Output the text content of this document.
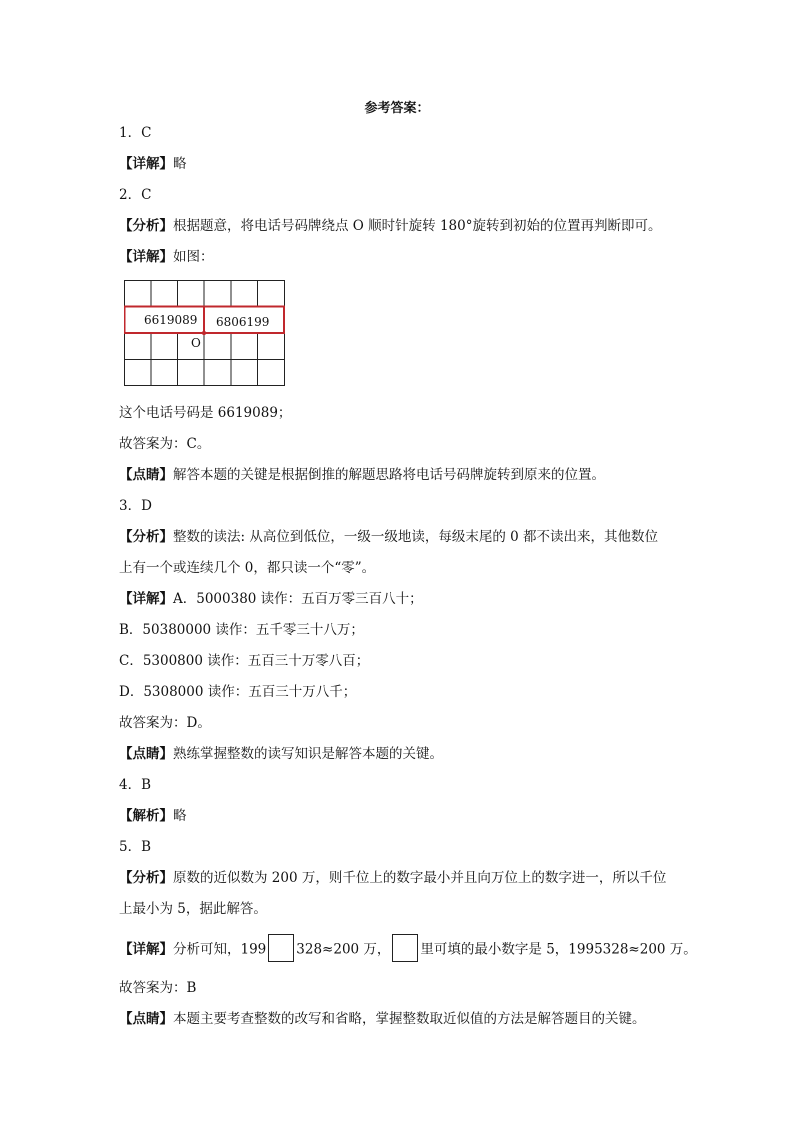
参考答案：
1．C
【详解】略
2．C
【分析】根据题意，将电话号码牌绕点 O 顺时针旋转 180°旋转到初始的位置再判断即可。
【详解】如图：
6619089 6806199
O
这个电话号码是 6619089；
故答案为：C。
【点睛】解答本题的关键是根据倒推的解题思路将电话号码牌旋转到原来的位置。
3．D
【分析】整数的读法: 从高位到低位，一级一级地读，每级末尾的 0 都不读出来，其他数位
上有一个或连续几个 0，都只读一个“零”。
【详解】A．5000380 读作：五百万零三百八十；
B．50380000 读作：五千零三十八万；
C．5300800 读作：五百三十万零八百；
D．5308000 读作：五百三十万八千；
故答案为：D。
【点睛】熟练掌握整数的读写知识是解答本题的关键。
4．B
【解析】略
5．B
【分析】原数的近似数为 200 万，则千位上的数字最小并且向万位上的数字进一，所以千位
上最小为 5，据此解答。
【详解】分析可知，199 328≈200 万， 里可填的最小数字是 5，1995328≈200 万。
故答案为：B
【点睛】本题主要考查整数的改写和省略，掌握整数取近似值的方法是解答题目的关键。
